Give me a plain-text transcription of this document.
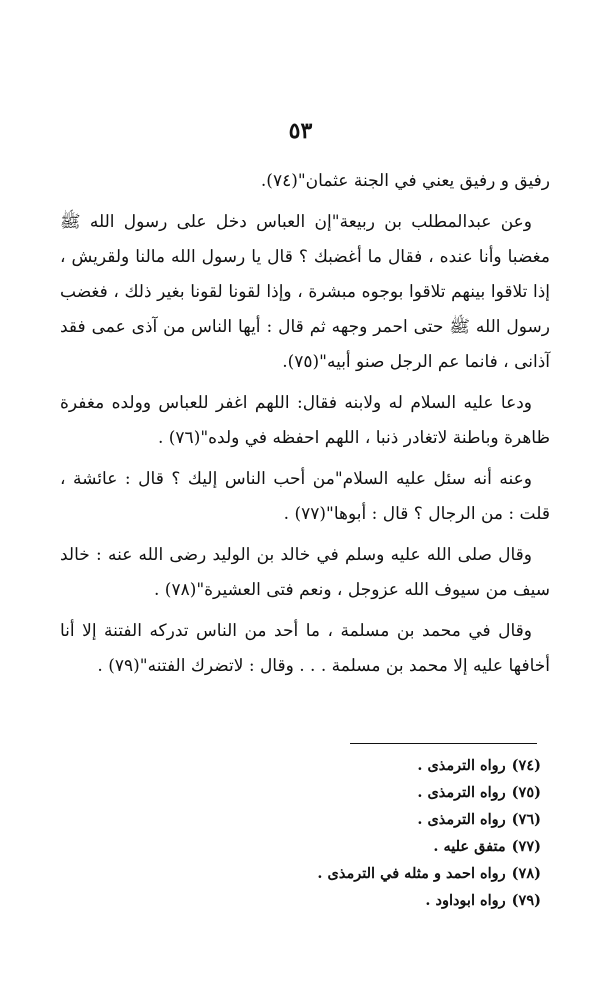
٥٣

رفيق و رفيق يعني في الجنة عثمان"(٧٤).

وعن عبدالمطلب بن ربيعة"إن العباس دخل على رسول الله ﷺ مغضبا وأنا عنده ، فقال ما أغضبك ؟ قال يا رسول الله مالنا ولقريش ، إذا تلاقوا بينهم تلاقوا بوجوه مبشرة ، وإذا لقونا لقونا بغير ذلك ، فغضب رسول الله ﷺ حتى احمر وجهه ثم قال : أيها الناس من آذى عمى فقد آذانى ، فانما عم الرجل صنو أبيه"(٧٥).

ودعا عليه السلام له ولابنه فقال: اللهم اغفر للعباس وولده مغفرة ظاهرة وباطنة لاتغادر ذنبا ، اللهم احفظه في ولده"(٧٦) .

وعنه أنه سئل عليه السلام"من أحب الناس إليك ؟ قال : عائشة ، قلت : من الرجال ؟ قال : أبوها"(٧٧) .

وقال صلى الله عليه وسلم في خالد بن الوليد رضى الله عنه : خالد سيف من سيوف الله عزوجل ، ونعم فتى العشيرة"(٧٨) .

وقال في محمد بن مسلمة ، ما أحد من الناس تدركه الفتنة إلا أنا أخافها عليه إلا محمد بن مسلمة . . . وقال : لاتضرك الفتنه"(٧٩) .

(٧٤)رواه الترمذى .
(٧٥)رواه الترمذى .
(٧٦)رواه الترمذى .
(٧٧)متفق عليه .
(٧٨)رواه احمد و مثله في الترمذى .
(٧٩)رواه ابوداود .
